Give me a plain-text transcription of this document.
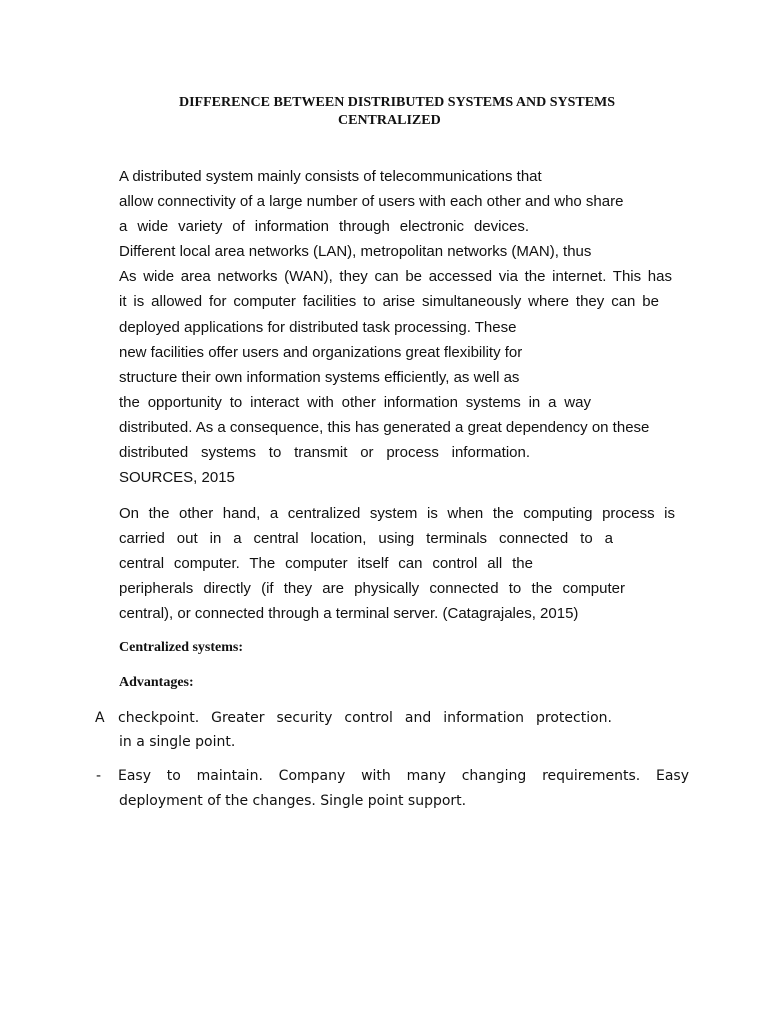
DIFFERENCE BETWEEN DISTRIBUTED SYSTEMS AND SYSTEMS
CENTRALIZED
A distributed system mainly consists of telecommunications that
allow connectivity of a large number of users with each other and who share
a wide variety of information through electronic devices.
Different local area networks (LAN), metropolitan networks (MAN), thus
As wide area networks (WAN), they can be accessed via the internet. This has
it is allowed for computer facilities to arise simultaneously where they can be
deployed applications for distributed task processing. These
new facilities offer users and organizations great flexibility for
structure their own information systems efficiently, as well as
the opportunity to interact with other information systems in a way
distributed. As a consequence, this has generated a great dependency on these
distributed systems to transmit or process information.
SOURCES, 2015
On the other hand, a centralized system is when the computing process is
carried out in a central location, using terminals connected to a
central computer. The computer itself can control all the
peripherals directly (if they are physically connected to the computer
central), or connected through a terminal server. (Catagrajales, 2015)
Centralized systems:
Advantages:
A checkpoint. Greater security control and information protection.
in a single point.
- Easy to maintain. Company with many changing requirements. Easy
deployment of the changes. Single point support.
